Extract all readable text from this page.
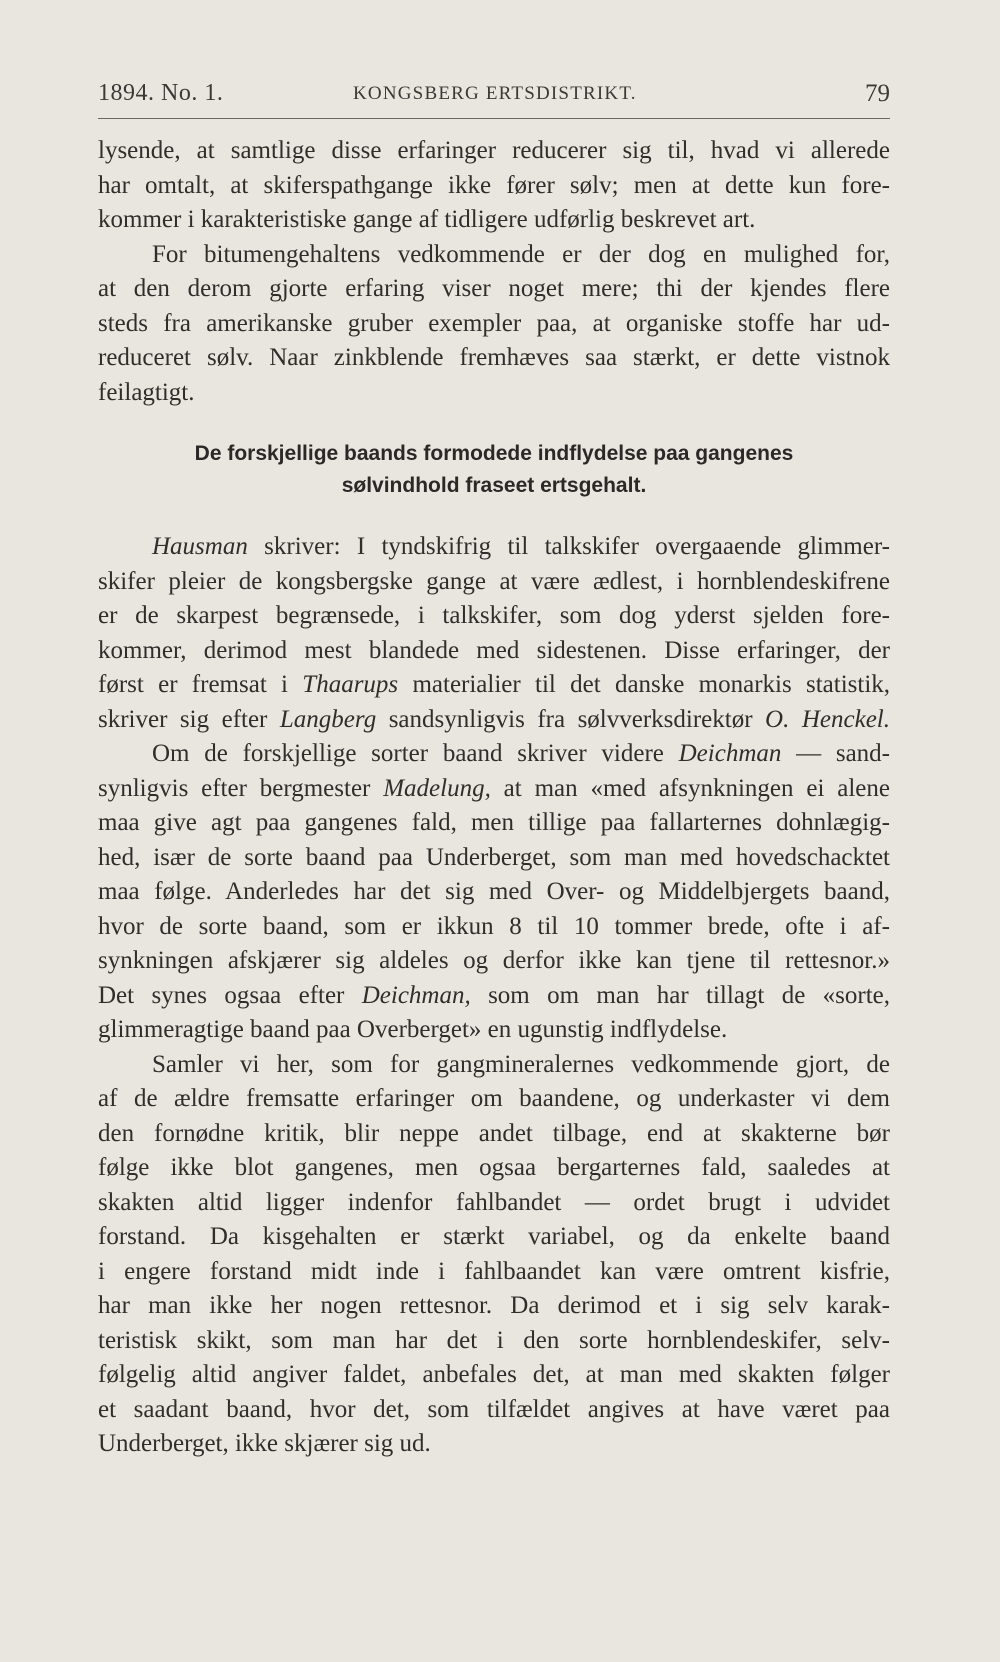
1894. No. 1.	KONGSBERG ERTSDISTRIKT.	79
lysende, at samtlige disse erfaringer reducerer sig til, hvad vi allerede
har omtalt, at skiferspathgange ikke fører sølv; men at dette kun fore-
kommer i karakteristiske gange af tidligere udførlig beskrevet art.
For bitumengehaltens vedkommende er der dog en mulighed for,
at den derom gjorte erfaring viser noget mere; thi der kjendes flere
steds fra amerikanske gruber exempler paa, at organiske stoffe har ud-
reduceret sølv. Naar zinkblende fremhæves saa stærkt, er dette vistnok
feilagtigt.
De forskjellige baands formodede indflydelse paa gangenes
sølvindhold fraseet ertsgehalt.
Hausman skriver: I tyndskifrig til talkskifer overgaaende glimmer-
skifer pleier de kongsbergske gange at være ædlest, i hornblendeskifrene
er de skarpest begrænsede, i talkskifer, som dog yderst sjelden fore-
kommer, derimod mest blandede med sidestenen. Disse erfaringer, der
først er fremsat i Thaarups materialier til det danske monarkis statistik,
skriver sig efter Langberg sandsynligvis fra sølvverksdirektør O. Henckel.
Om de forskjellige sorter baand skriver videre Deichman — sand-
synligvis efter bergmester Madelung, at man «med afsynkningen ei alene
maa give agt paa gangenes fald, men tillige paa fallarternes dohnlægig-
hed, især de sorte baand paa Underberget, som man med hovedschacktet
maa følge. Anderledes har det sig med Over- og Middelbjergets baand,
hvor de sorte baand, som er ikkun 8 til 10 tommer brede, ofte i af-
synkningen afskjærer sig aldeles og derfor ikke kan tjene til rettesnor.»
Det synes ogsaa efter Deichman, som om man har tillagt de «sorte,
glimmeragtige baand paa Overberget» en ugunstig indflydelse.
Samler vi her, som for gangmineralernes vedkommende gjort, de
af de ældre fremsatte erfaringer om baandene, og underkaster vi dem
den fornødne kritik, blir neppe andet tilbage, end at skakterne bør
følge ikke blot gangenes, men ogsaa bergarternes fald, saaledes at
skakten altid ligger indenfor fahlbandet — ordet brugt i udvidet
forstand. Da kisgehalten er stærkt variabel, og da enkelte baand
i engere forstand midt inde i fahlbaandet kan være omtrent kisfrie,
har man ikke her nogen rettesnor. Da derimod et i sig selv karak-
teristisk skikt, som man har det i den sorte hornblendeskifer, selv-
følgelig altid angiver faldet, anbefales det, at man med skakten følger
et saadant baand, hvor det, som tilfældet angives at have været paa
Underberget, ikke skjærer sig ud.
